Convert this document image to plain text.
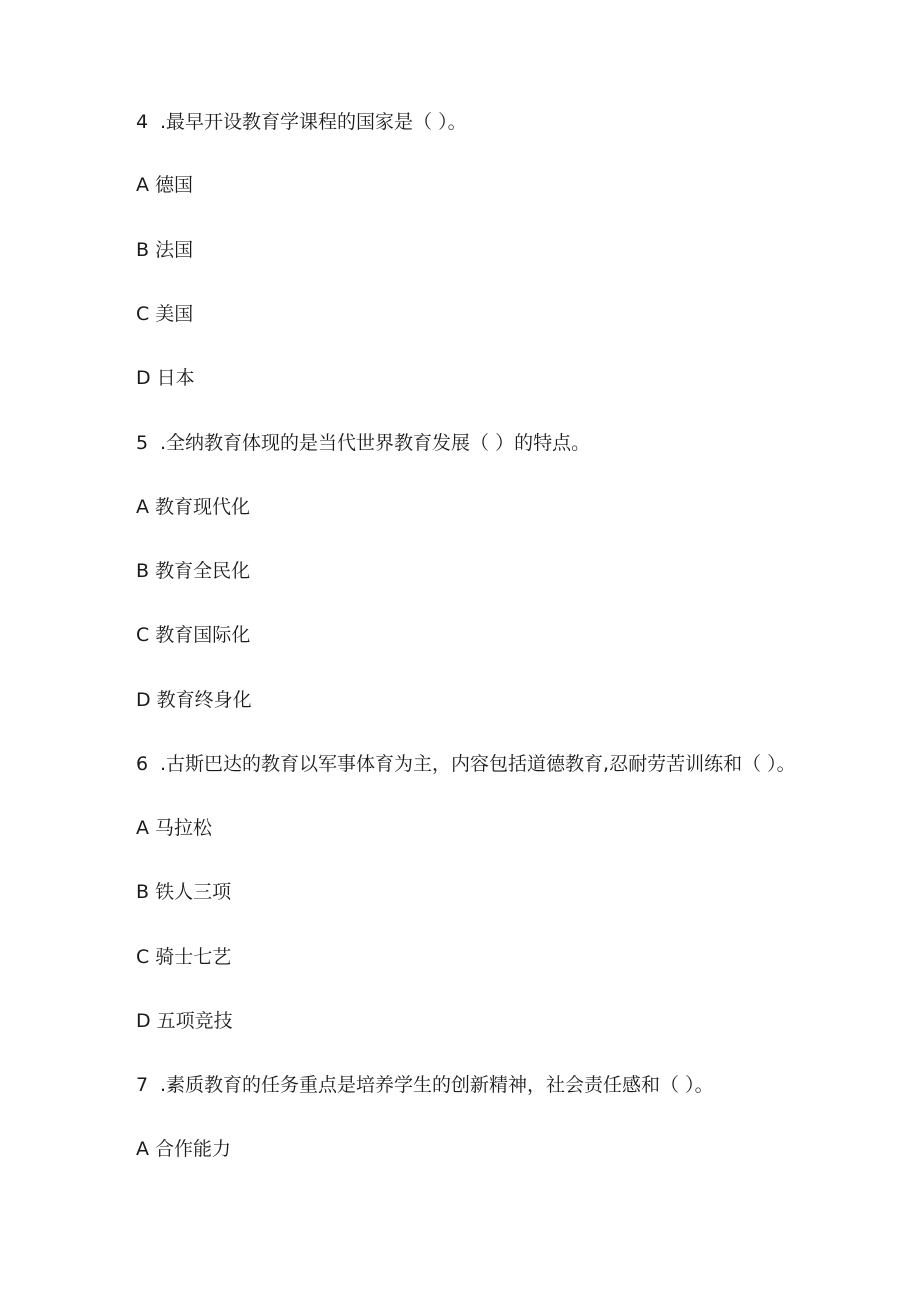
4 .最早开设教育学课程的国家是（ ）。
A 德国
B 法国
C 美国
D 日本
5 .全纳教育体现的是当代世界教育发展（ ）的特点。
A 教育现代化
B 教育全民化
C 教育国际化
D 教育终身化
6 .古斯巴达的教育以军事体育为主，内容包括道德教育,忍耐劳苦训练和（ ）。
A 马拉松
B 铁人三项
C 骑士七艺
D 五项竞技
7 .素质教育的任务重点是培养学生的创新精神，社会责任感和（ ）。
A 合作能力
